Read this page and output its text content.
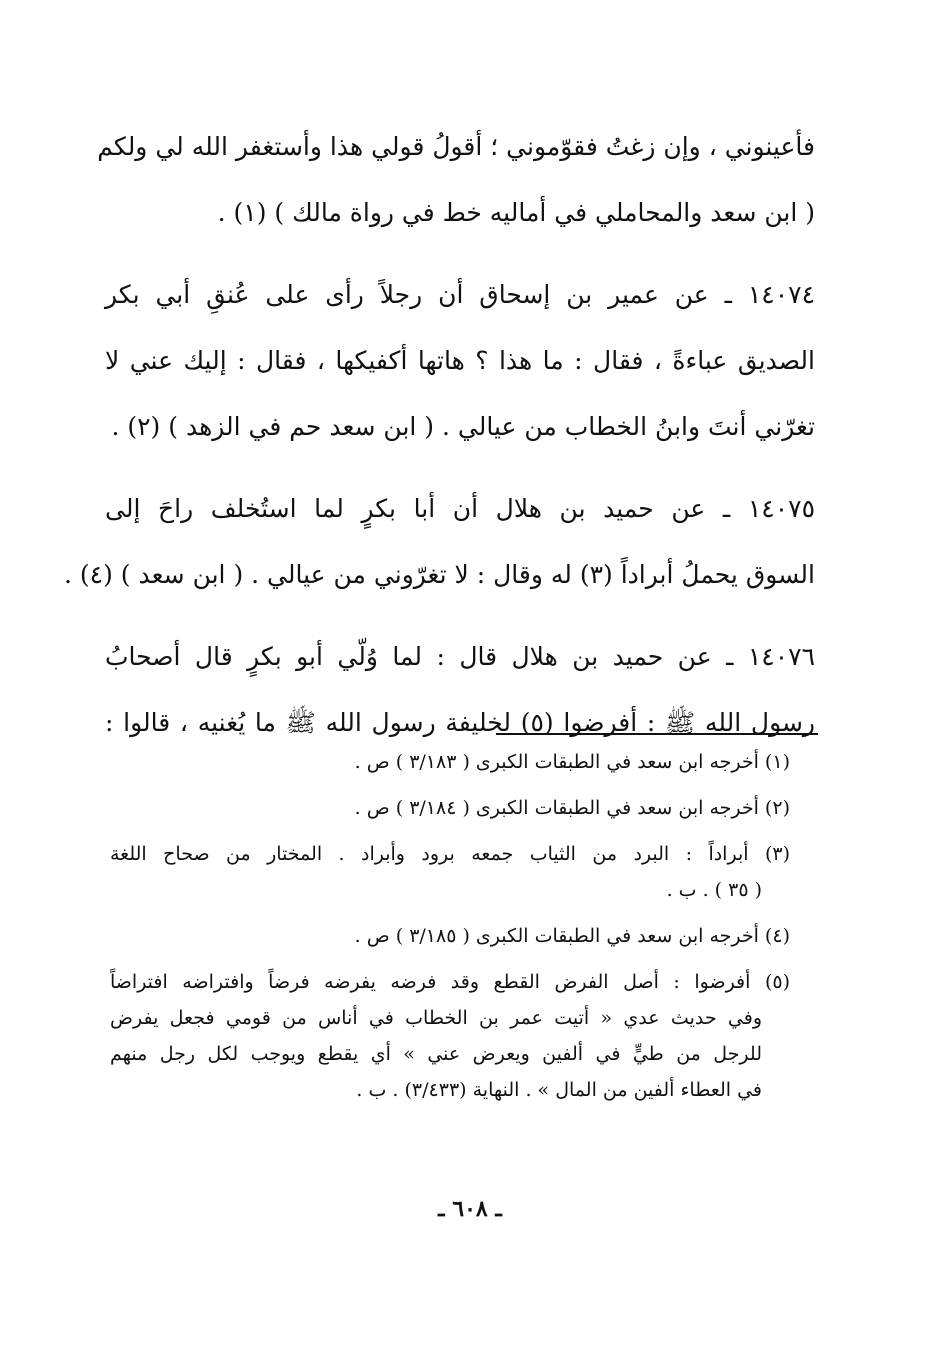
فأعينوني ، وإن زغتُ فقوّموني ؛ أقولُ قولي هذا وأستغفر الله لي ولكم
( ابن سعد والمحاملي في أماليه خط في رواة مالك ) (١) .
١٤٠٧٤ ـ عن عمير بن إسحاق أن رجلاً رأى على عُنقِ أبي بكر
الصديق عباءةً ، فقال : ما هذا ؟ هاتها أكفيكها ، فقال : إليك عني لا
تغرّني أنتَ وابنُ الخطاب من عيالي . ( ابن سعد حم في الزهد ) (٢) .
١٤٠٧٥ ـ عن حميد بن هلال أن أبا بكرٍ لما استُخلف راحَ إلى
السوق يحملُ أبراداً (٣) له وقال : لا تغرّوني من عيالي . ( ابن سعد ) (٤) .
١٤٠٧٦ ـ عن حميد بن هلال قال : لما وُلّي أبو بكرٍ قال أصحابُ
رسول الله ﷺ : أفرضوا (٥) لخليفة رسول الله ﷺ ما يُغنيه ، قالوا :
(١) أخرجه ابن سعد في الطبقات الكبرى ( ٣/١٨٣ ) ص .
(٢) أخرجه ابن سعد في الطبقات الكبرى ( ٣/١٨٤ ) ص .
(٣) أبراداً : البرد من الثياب جمعه برود وأبراد . المختار من صحاح اللغة
( ٣٥ ) . ب .
(٤) أخرجه ابن سعد في الطبقات الكبرى ( ٣/١٨٥ ) ص .
(٥) أفرضوا : أصل الفرض القطع وقد فرضه يفرضه فرضاً وافتراضه افتراضاً
وفي حديث عدي « أتيت عمر بن الخطاب في أناس من قومي فجعل يفرض
للرجل من طيٍّ في ألفين ويعرض عني » أي يقطع ويوجب لكل رجل منهم
في العطاء ألفين من المال » . النهاية (٣/٤٣٣) . ب .
ـ ٦٠٨ ـ
